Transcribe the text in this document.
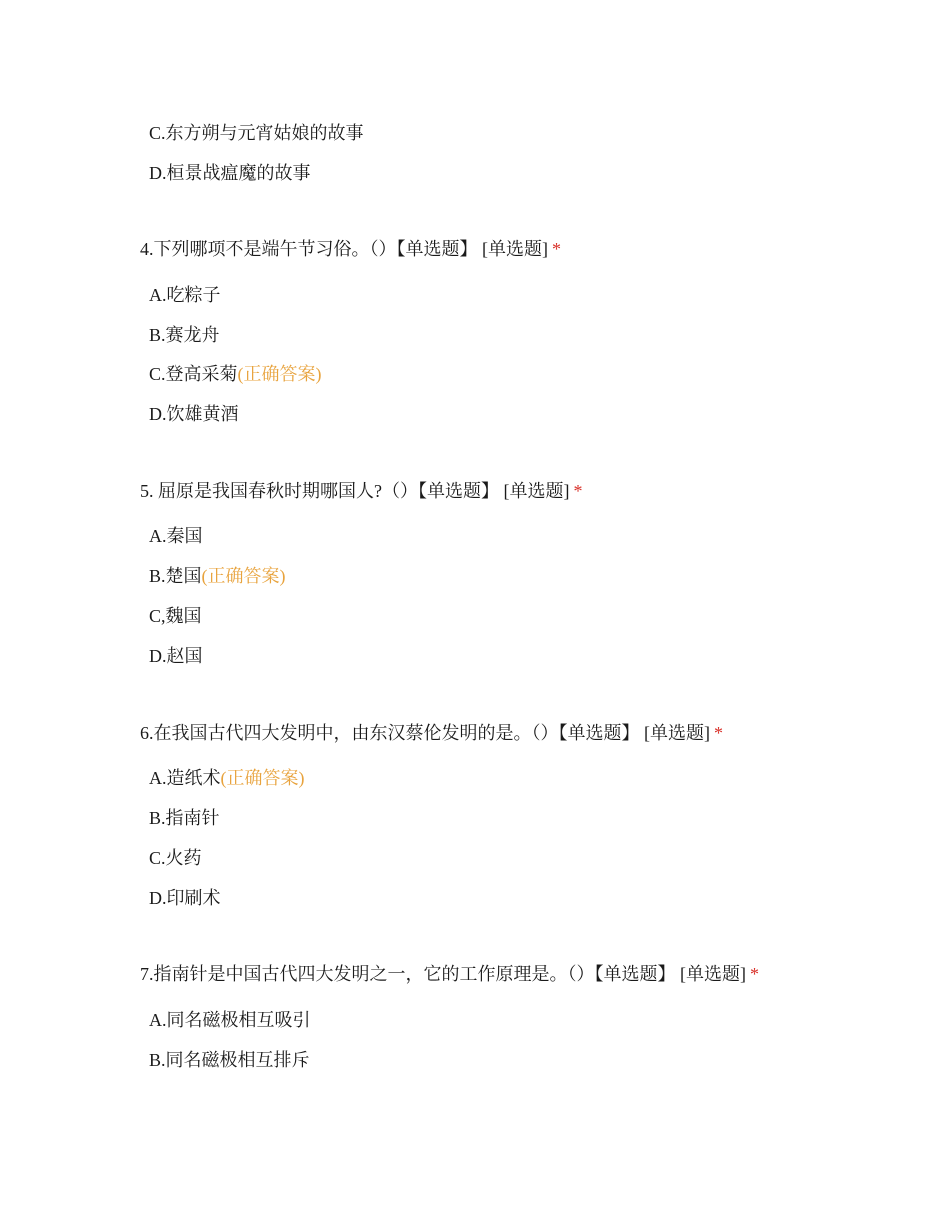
C.东方朔与元宵姑娘的故事
D.桓景战瘟魔的故事
4.下列哪项不是端午节习俗。（）【单选题】 [单选题] *
A.吃粽子
B.赛龙舟
C.登高采菊(正确答案)
D.饮雄黄酒
5. 屈原是我国春秋时期哪国人?（）【单选题】 [单选题] *
A.秦国
B.楚国(正确答案)
C,魏国
D.赵国
6.在我国古代四大发明中，由东汉蔡伦发明的是。（）【单选题】 [单选题] *
A.造纸术(正确答案)
B.指南针
C.火药
D.印刷术
7.指南针是中国古代四大发明之一，它的工作原理是。（）【单选题】 [单选题] *
A.同名磁极相互吸引
B.同名磁极相互排斥
